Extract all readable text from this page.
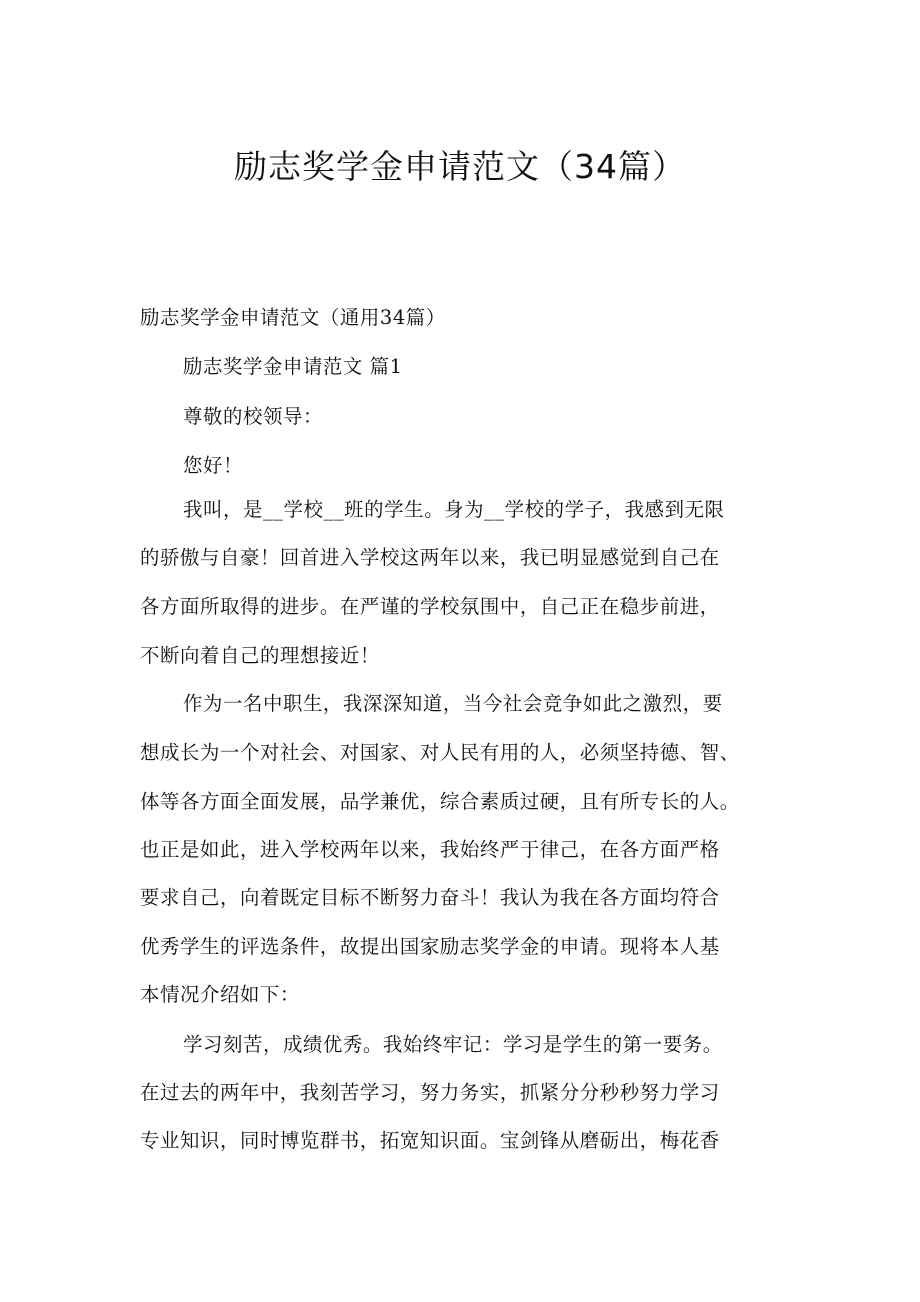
励志奖学金申请范文（34篇）
励志奖学金申请范文（通用34篇）
励志奖学金申请范文 篇1
尊敬的校领导：
您好！
我叫，是__学校__班的学生。身为__学校的学子，我感到无限
的骄傲与自豪！回首进入学校这两年以来，我已明显感觉到自己在
各方面所取得的进步。在严谨的学校氛围中，自己正在稳步前进，
不断向着自己的理想接近！
作为一名中职生，我深深知道，当今社会竞争如此之激烈，要
想成长为一个对社会、对国家、对人民有用的人，必须坚持德、智、
体等各方面全面发展，品学兼优，综合素质过硬，且有所专长的人。
也正是如此，进入学校两年以来，我始终严于律己，在各方面严格
要求自己，向着既定目标不断努力奋斗！我认为我在各方面均符合
优秀学生的评选条件，故提出国家励志奖学金的申请。现将本人基
本情况介绍如下：
学习刻苦，成绩优秀。我始终牢记：学习是学生的第一要务。
在过去的两年中，我刻苦学习，努力务实，抓紧分分秒秒努力学习
专业知识，同时博览群书，拓宽知识面。宝剑锋从磨砺出，梅花香
